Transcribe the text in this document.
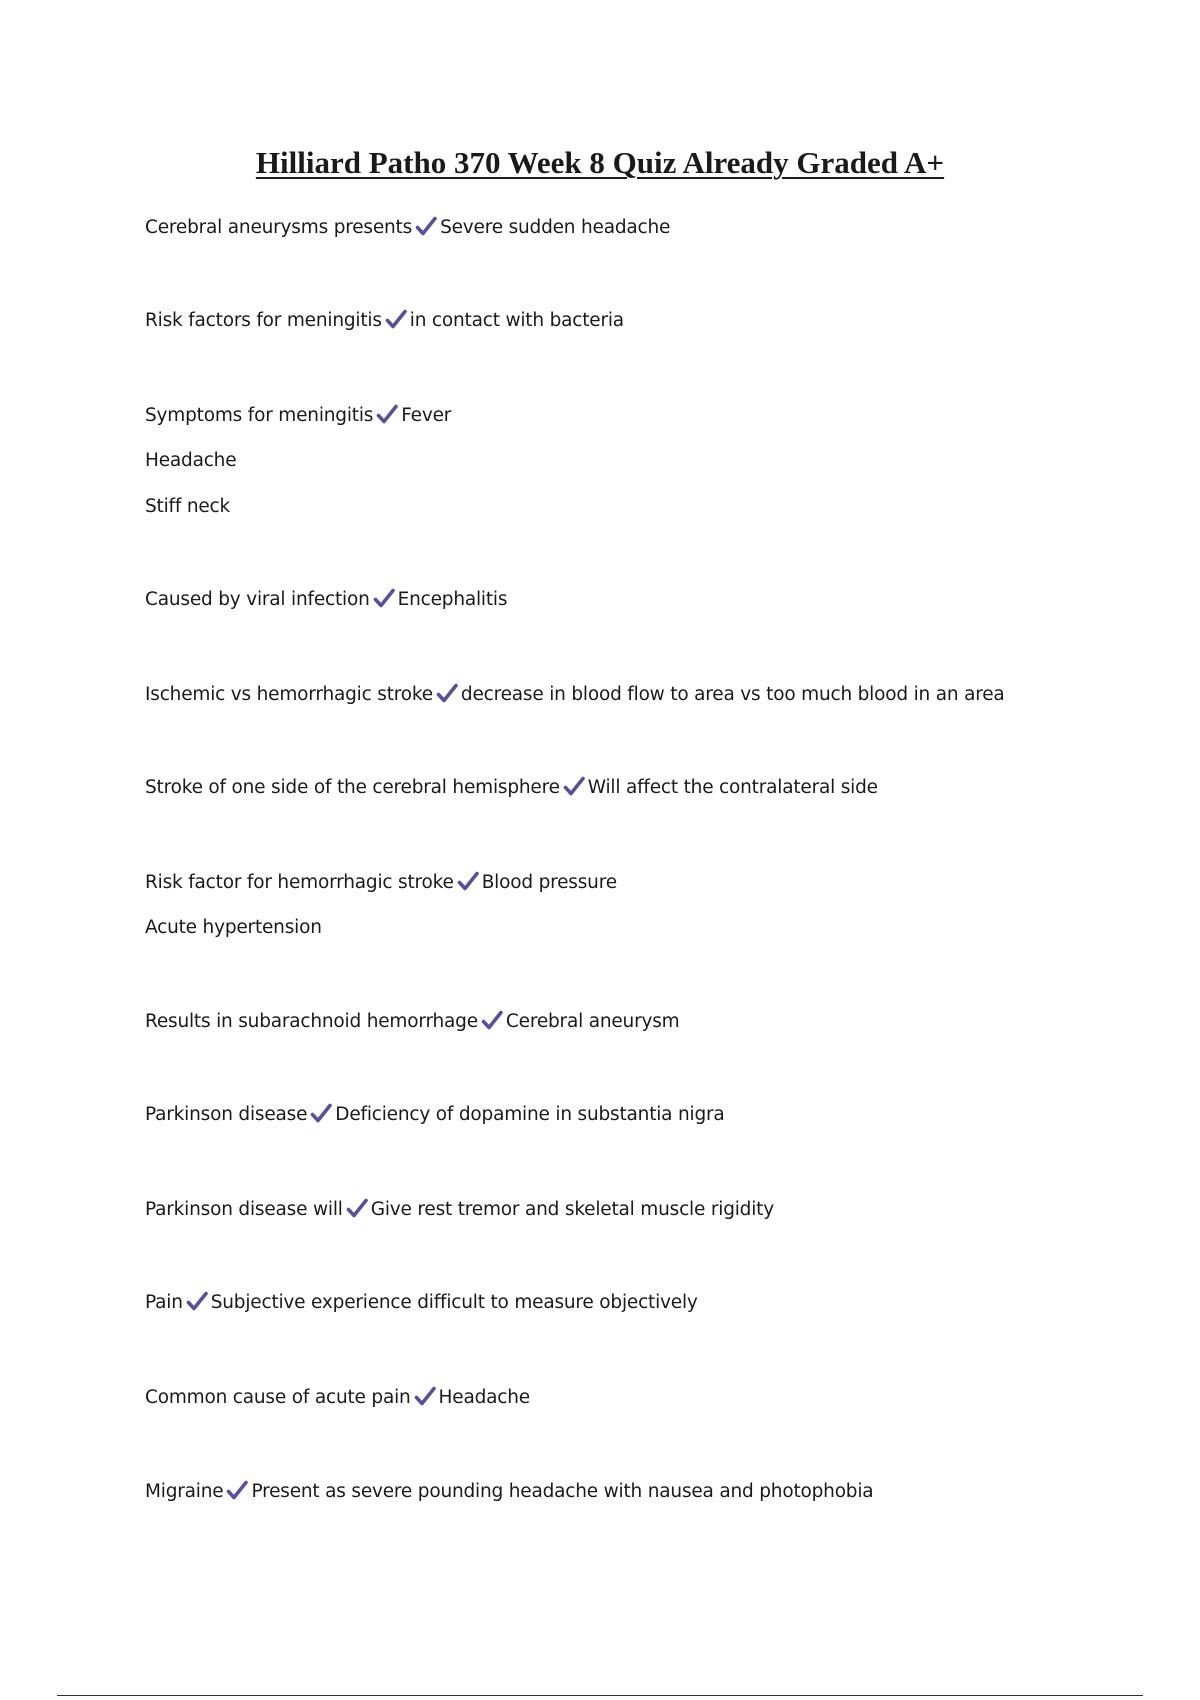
Hilliard Patho 370 Week 8 Quiz Already Graded A+
Cerebral aneurysms presents Severe sudden headache
Risk factors for meningitis in contact with bacteria
Symptoms for meningitis Fever
Headache
Stiff neck
Caused by viral infection Encephalitis
Ischemic vs hemorrhagic stroke decrease in blood flow to area vs too much blood in an area
Stroke of one side of the cerebral hemisphere Will affect the contralateral side
Risk factor for hemorrhagic stroke Blood pressure
Acute hypertension
Results in subarachnoid hemorrhage Cerebral aneurysm
Parkinson disease Deficiency of dopamine in substantia nigra
Parkinson disease will Give rest tremor and skeletal muscle rigidity
Pain Subjective experience difficult to measure objectively
Common cause of acute pain Headache
Migraine Present as severe pounding headache with nausea and photophobia
